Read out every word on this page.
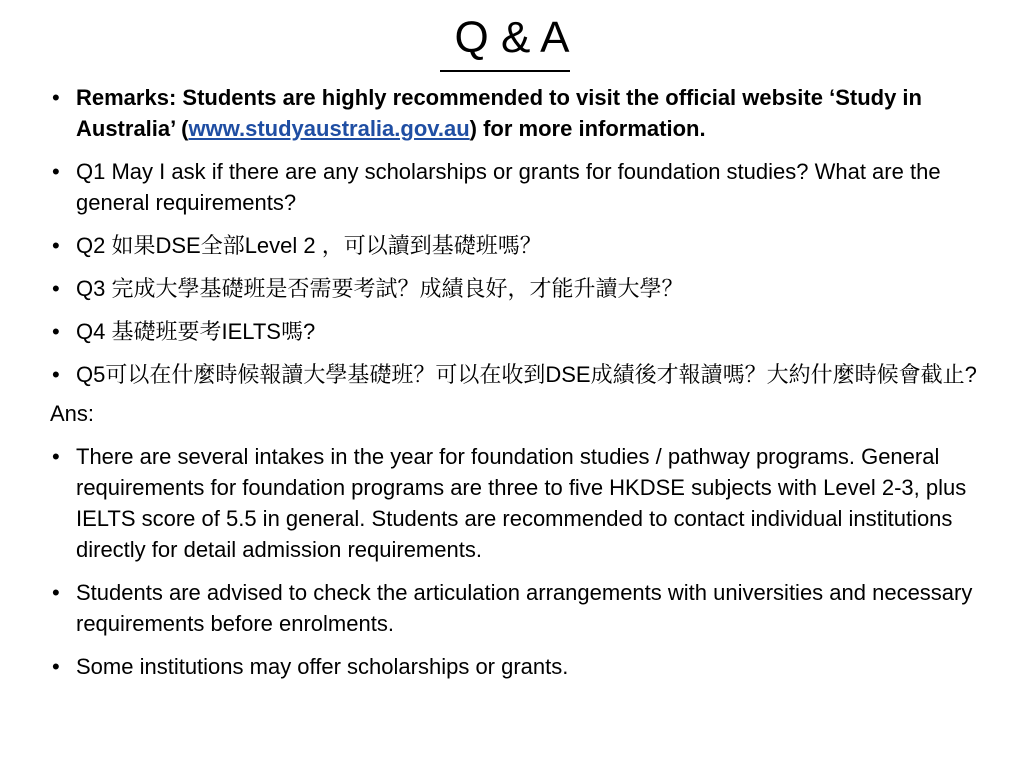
Q & A
• Remarks: Students are highly recommended to visit the official website ‘Study in Australia’ (www.studyaustralia.gov.au) for more information.
• Q1 May I ask if there are any scholarships or grants for foundation studies? What are the general requirements?
• Q2 如果DSE全部Level 2 ，可以讀到基礎班嗎？
• Q3 完成大學基礎班是否需要考試？成績良好，才能升讀大學？
• Q4 基礎班要考IELTS嗎?
• Q5可以在什麼時候報讀大學基礎班？可以在收到DSE成績後才報讀嗎？大約什麼時候會截止?
Ans:
• There are several intakes in the year for foundation studies / pathway programs. General requirements for foundation programs are three to five HKDSE subjects with Level 2-3, plus IELTS score of 5.5 in general. Students are recommended to contact individual institutions directly for detail admission requirements.
• Students are advised to check the articulation arrangements with universities and necessary requirements before enrolments.
• Some institutions may offer scholarships or grants.
